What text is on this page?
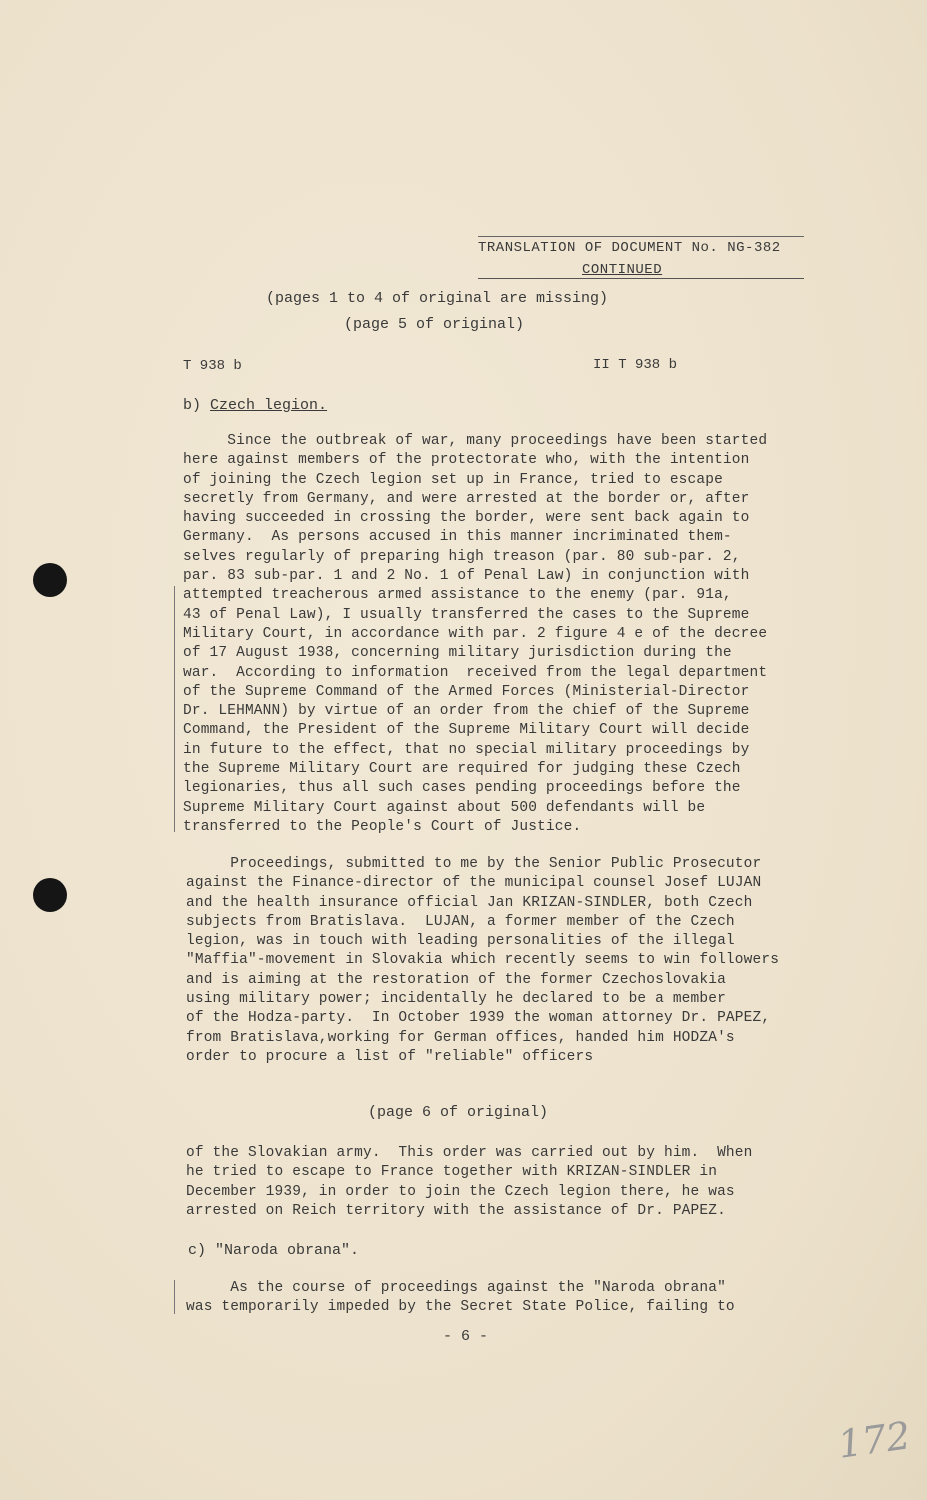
TRANSLATION OF DOCUMENT No. NG-382
CONTINUED
(pages 1 to 4 of original are missing)
(page 5 of original)
T 938 b	II T 938 b
b) Czech legion.
Since the outbreak of war, many proceedings have been started
here against members of the protectorate who, with the intention
of joining the Czech legion set up in France, tried to escape
secretly from Germany, and were arrested at the border or, after
having succeeded in crossing the border, were sent back again to
Germany.  As persons accused in this manner incriminated them-
selves regularly of preparing high treason (par. 80 sub-par. 2,
par. 83 sub-par. 1 and 2 No. 1 of Penal Law) in conjunction with
attempted treacherous armed assistance to the enemy (par. 91a,
43 of Penal Law), I usually transferred the cases to the Supreme
Military Court, in accordance with par. 2 figure 4 e of the decree
of 17 August 1938, concerning military jurisdiction during the
war.  According to information  received from the legal department
of the Supreme Command of the Armed Forces (Ministerial-Director
Dr. LEHMANN) by virtue of an order from the chief of the Supreme
Command, the President of the Supreme Military Court will decide
in future to the effect, that no special military proceedings by
the Supreme Military Court are required for judging these Czech
legionaries, thus all such cases pending proceedings before the
Supreme Military Court against about 500 defendants will be
transferred to the People's Court of Justice.
Proceedings, submitted to me by the Senior Public Prosecutor
against the Finance-director of the municipal counsel Josef LUJAN
and the health insurance official Jan KRIZAN-SINDLER, both Czech
subjects from Bratislava.  LUJAN, a former member of the Czech
legion, was in touch with leading personalities of the illegal
"Maffia"-movement in Slovakia which recently seems to win followers
and is aiming at the restoration of the former Czechoslovakia
using military power; incidentally he declared to be a member
of the Hodza-party.  In October 1939 the woman attorney Dr. PAPEZ,
from Bratislava,working for German offices, handed him HODZA's
order to procure a list of "reliable" officers
(page 6 of original)
of the Slovakian army.  This order was carried out by him.  When
he tried to escape to France together with KRIZAN-SINDLER in
December 1939, in order to join the Czech legion there, he was
arrested on Reich territory with the assistance of Dr. PAPEZ.
c) "Naroda obrana".
As the course of proceedings against the "Naroda obrana"
was temporarily impeded by the Secret State Police, failing to
- 6 -
172
